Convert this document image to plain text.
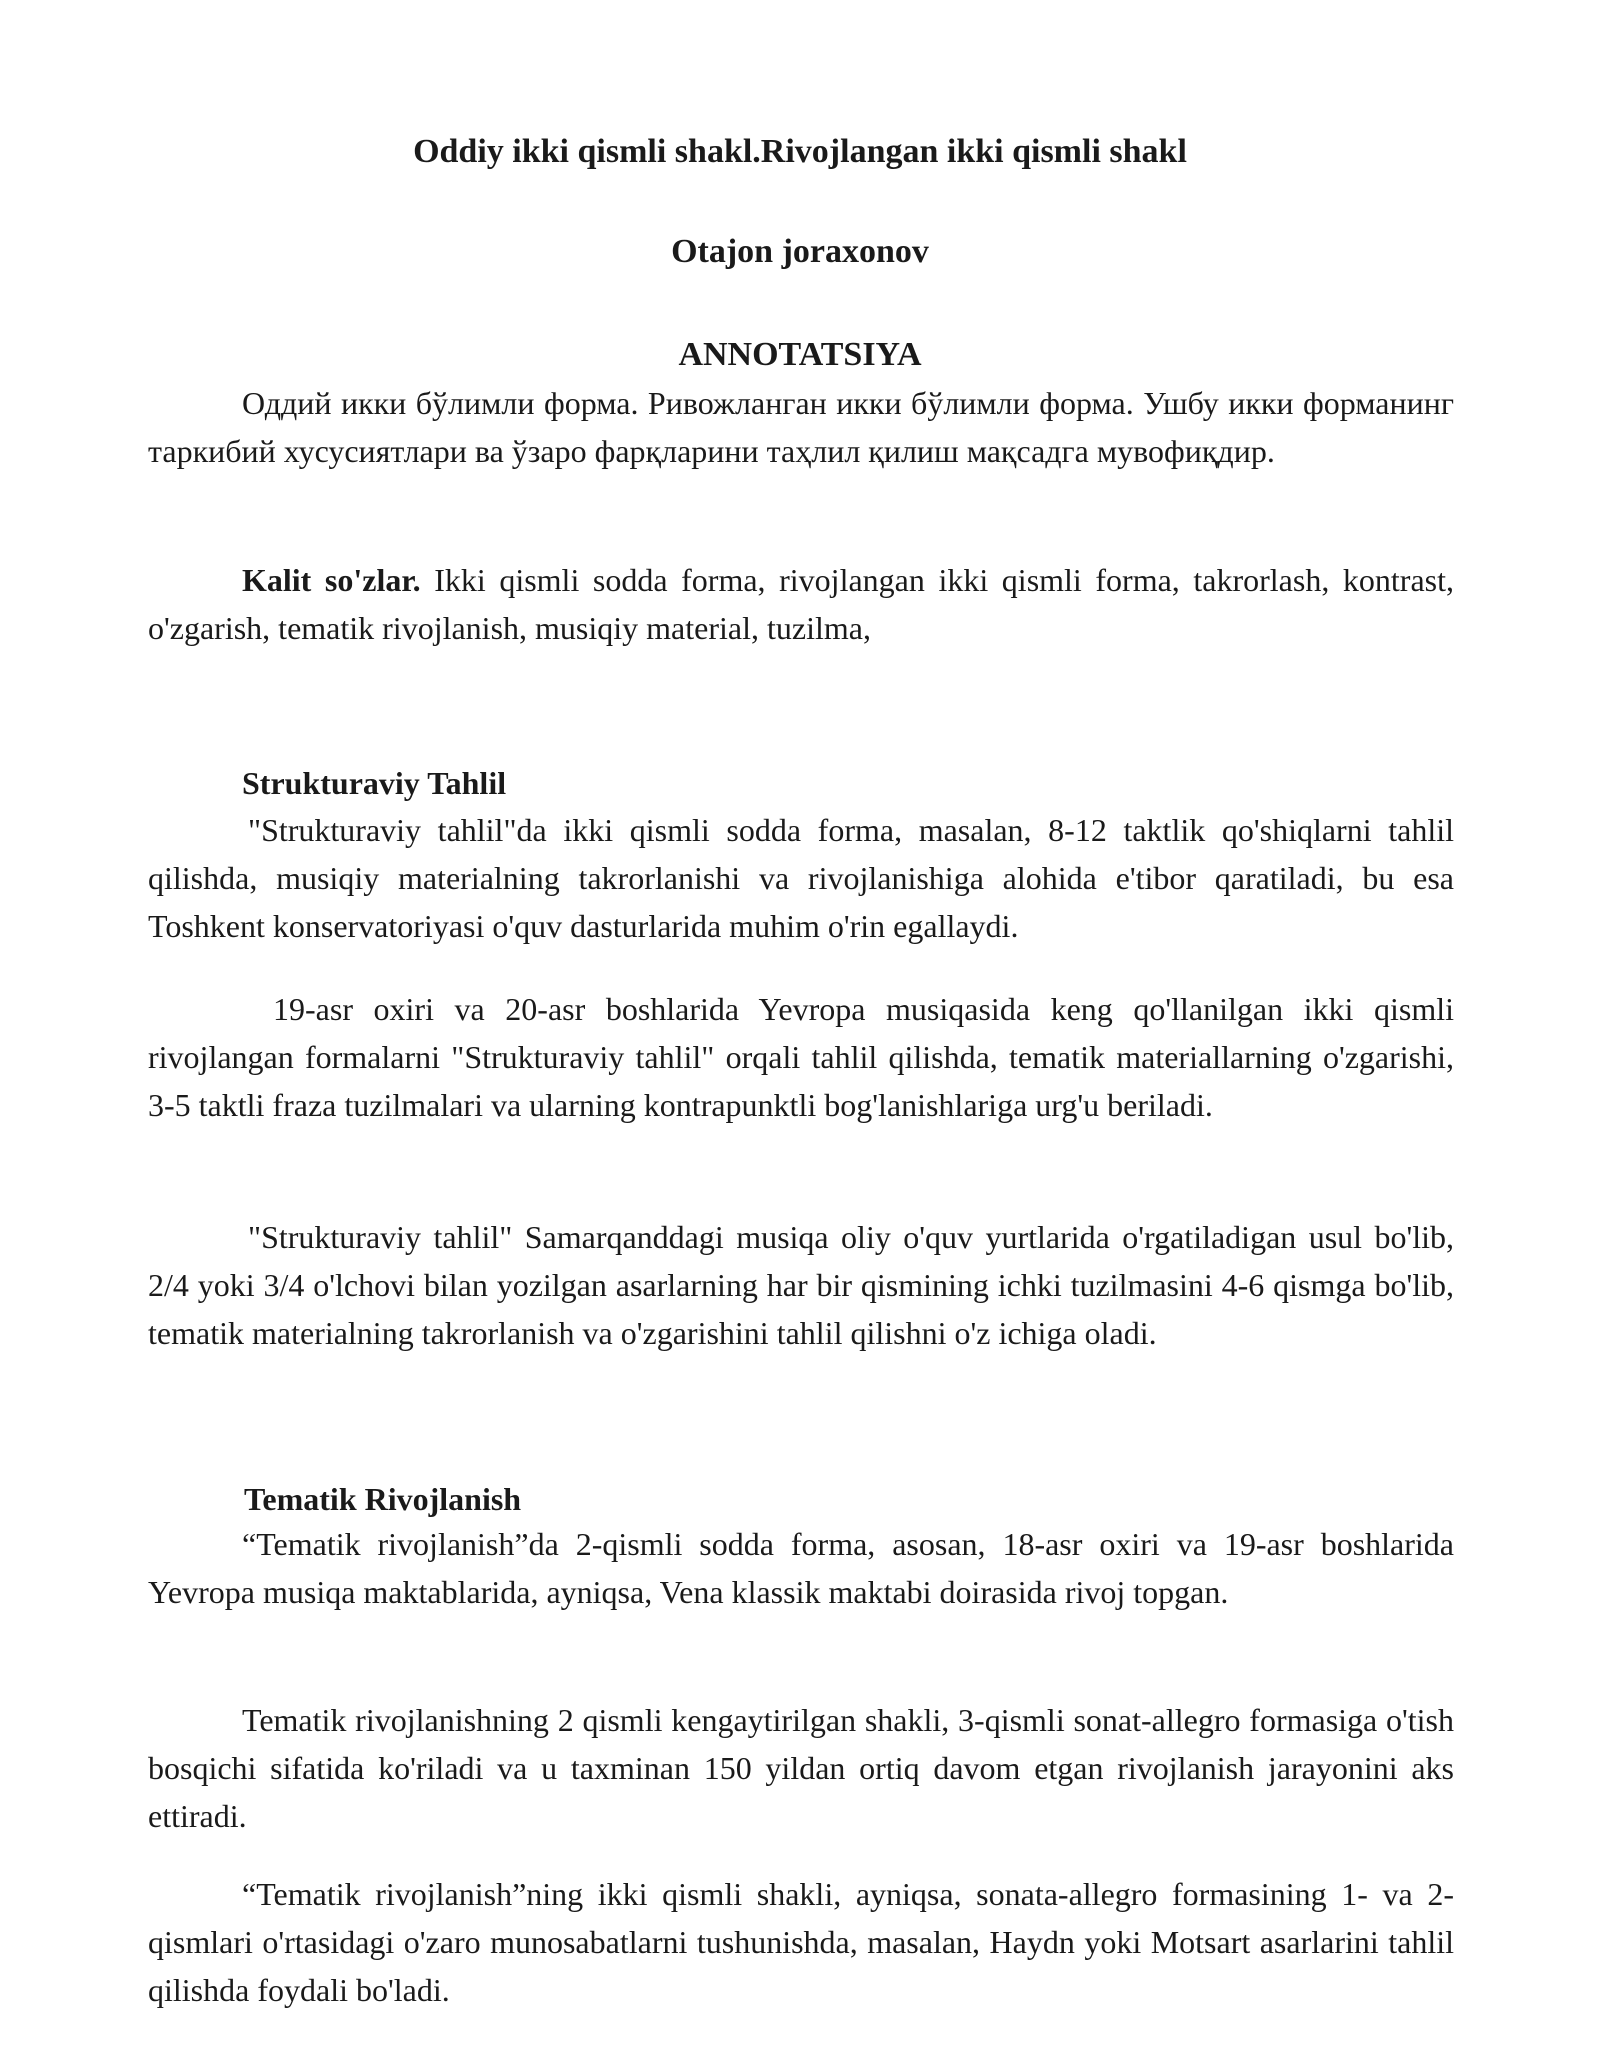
Oddiy ikki qismli shakl.Rivojlangan ikki qismli shakl
Otajon joraxonov
ANNOTATSIYA

Оддий икки бўлимли форма. Ривожланган икки бўлимли форма. Ушбу икки форманинг таркибий хусусиятлари ва ўзаро фарқларини таҳлил қилиш мақсадга мувофиқдир.

Kalit so'zlar. Ikki qismli sodda forma, rivojlangan ikki qismli forma, takrorlash, kontrast, o'zgarish, tematik rivojlanish, musiqiy material, tuzilma,

Strukturaviy Tahlil

"Strukturaviy tahlil"da ikki qismli sodda forma, masalan, 8-12 taktlik qo'shiqlarni tahlil qilishda, musiqiy materialning takrorlanishi va rivojlanishiga alohida e'tibor qaratiladi, bu esa Toshkent konservatoriyasi o'quv dasturlarida muhim o'rin egallaydi.

19-asr oxiri va 20-asr boshlarida Yevropa musiqasida keng qo'llanilgan ikki qismli rivojlangan formalarni "Strukturaviy tahlil" orqali tahlil qilishda, tematik materiallarning o'zgarishi, 3-5 taktli fraza tuzilmalari va ularning kontrapunktli bog'lanishlariga urg'u beriladi.

"Strukturaviy tahlil" Samarqanddagi musiqa oliy o'quv yurtlarida o'rgatiladigan usul bo'lib, 2/4 yoki 3/4 o'lchovi bilan yozilgan asarlarning har bir qismining ichki tuzilmasini 4-6 qismga bo'lib, tematik materialning takrorlanish va o'zgarishini tahlil qilishni o'z ichiga oladi.

Tematik Rivojlanish

“Tematik rivojlanish”da 2-qismli sodda forma, asosan, 18-asr oxiri va 19-asr boshlarida Yevropa musiqa maktablarida, ayniqsa, Vena klassik maktabi doirasida rivoj topgan.

Tematik rivojlanishning 2 qismli kengaytirilgan shakli, 3-qismli sonat-allegro formasiga o'tish bosqichi sifatida ko'riladi va u taxminan 150 yildan ortiq davom etgan rivojlanish jarayonini aks ettiradi.

“Tematik rivojlanish”ning ikki qismli shakli, ayniqsa, sonata-allegro formasining 1- va 2- qismlari o'rtasidagi o'zaro munosabatlarni tushunishda, masalan, Haydn yoki Motsart asarlarini tahlil qilishda foydali bo'ladi.
